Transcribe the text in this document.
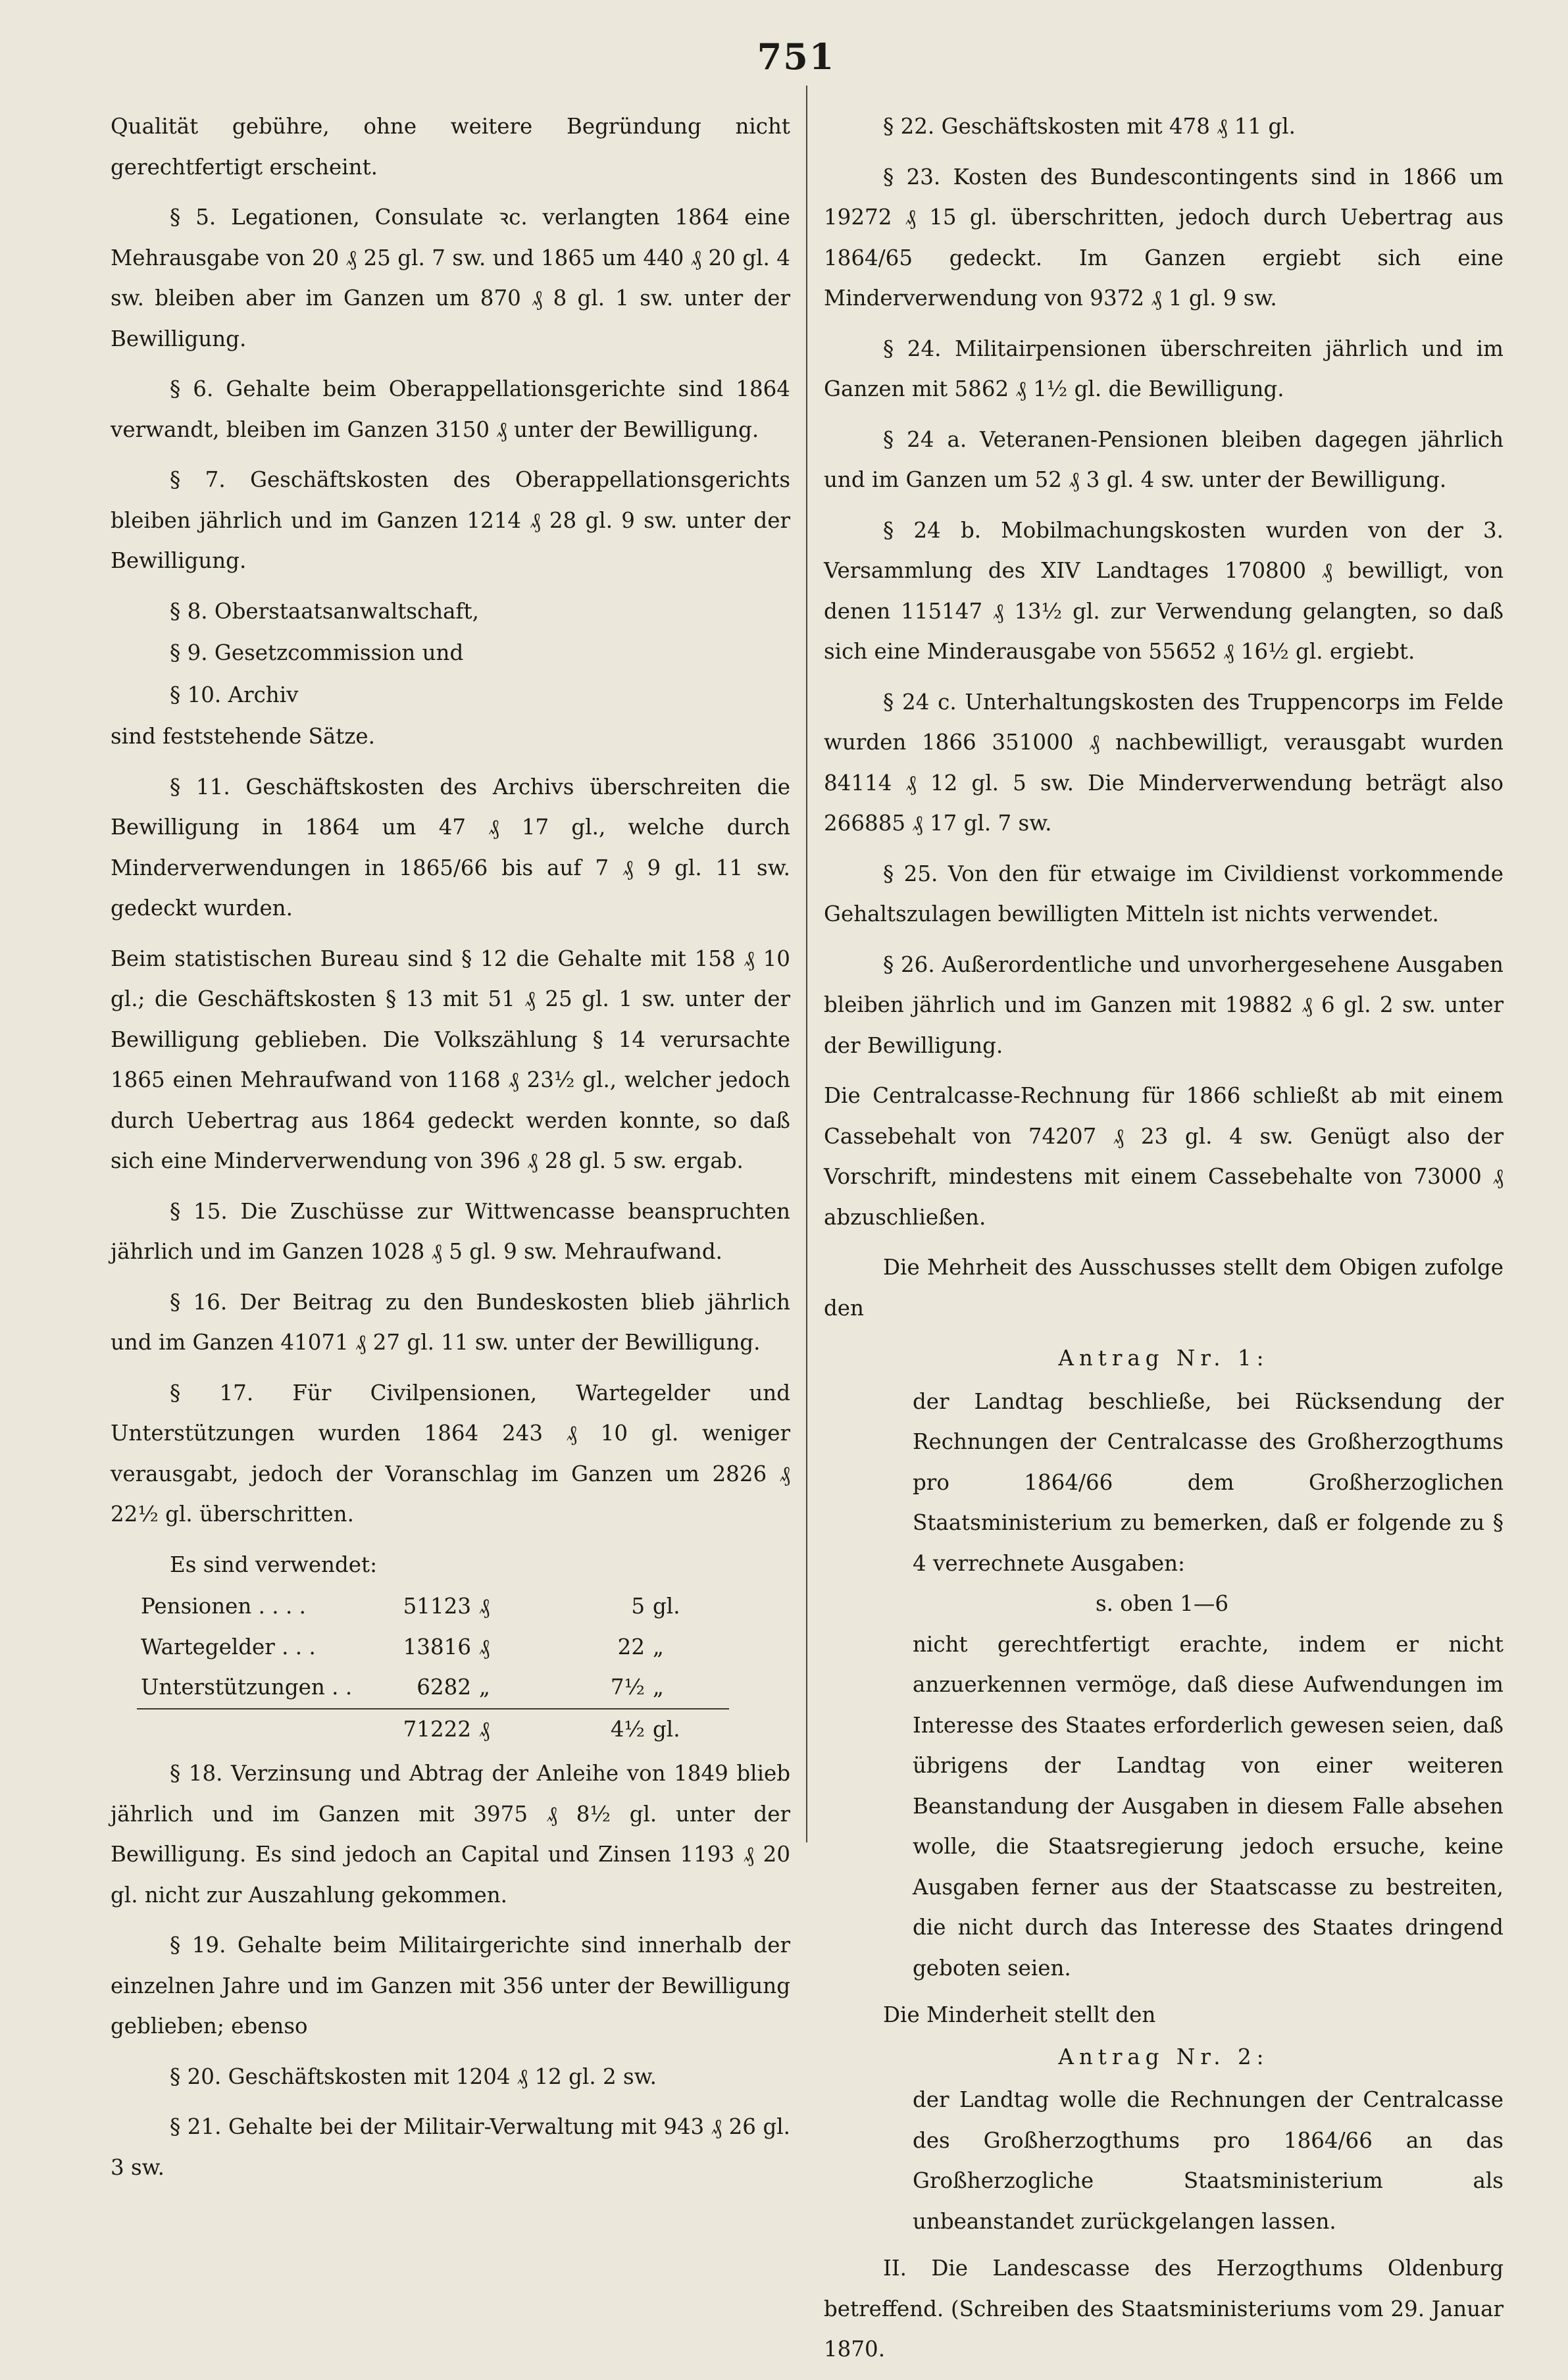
751

Qualität gebühre, ohne weitere Begründung nicht gerechtfertigt erscheint.

§ 5. Legationen, Consulate ꝛc. verlangten 1864 eine Mehrausgabe von 20 ₰ 25 gl. 7 sw. und 1865 um 440 ₰ 20 gl. 4 sw. bleiben aber im Ganzen um 870 ₰ 8 gl. 1 sw. unter der Bewilligung.

§ 6. Gehalte beim Oberappellationsgerichte sind 1864 verwandt, bleiben im Ganzen 3150 ₰ unter der Bewilligung.

§ 7. Geschäftskosten des Oberappellationsgerichts bleiben jährlich und im Ganzen 1214 ₰ 28 gl. 9 sw. unter der Bewilligung.

§ 8. Oberstaatsanwaltschaft,

§ 9. Gesetzcommission und

§ 10. Archiv

sind feststehende Sätze.

§ 11. Geschäftskosten des Archivs überschreiten die Bewilligung in 1864 um 47 ₰ 17 gl., welche durch Minderverwendungen in 1865/66 bis auf 7 ₰ 9 gl. 11 sw. gedeckt wurden.

Beim statistischen Bureau sind § 12 die Gehalte mit 158 ₰ 10 gl.; die Geschäftskosten § 13 mit 51 ₰ 25 gl. 1 sw. unter der Bewilligung geblieben. Die Volkszählung § 14 verursachte 1865 einen Mehraufwand von 1168 ₰ 23½ gl., welcher jedoch durch Uebertrag aus 1864 gedeckt werden konnte, so daß sich eine Minderverwendung von 396 ₰ 28 gl. 5 sw. ergab.

§ 15. Die Zuschüsse zur Wittwencasse beanspruchten jährlich und im Ganzen 1028 ₰ 5 gl. 9 sw. Mehraufwand.

§ 16. Der Beitrag zu den Bundeskosten blieb jährlich und im Ganzen 41071 ₰ 27 gl. 11 sw. unter der Bewilligung.

§ 17. Für Civilpensionen, Wartegelder und Unterstützungen wurden 1864 243 ₰ 10 gl. weniger verausgabt, jedoch der Voranschlag im Ganzen um 2826 ₰ 22½ gl. überschritten.

Es sind verwendet:

Pensionen . . . .	51123	₰	5	gl.
Wartegelder . . .	13816	₰	22	„
Unterstützungen . .	6282	„	7½	„
	71222	₰	4½	gl.

§ 18. Verzinsung und Abtrag der Anleihe von 1849 blieb jährlich und im Ganzen mit 3975 ₰ 8½ gl. unter der Bewilligung. Es sind jedoch an Capital und Zinsen 1193 ₰ 20 gl. nicht zur Auszahlung gekommen.

§ 19. Gehalte beim Militairgerichte sind innerhalb der einzelnen Jahre und im Ganzen mit 356 unter der Bewilligung geblieben; ebenso

§ 20. Geschäftskosten mit 1204 ₰ 12 gl. 2 sw.

§ 21. Gehalte bei der Militair-Verwaltung mit 943 ₰ 26 gl. 3 sw.

§ 22. Geschäftskosten mit 478 ₰ 11 gl.

§ 23. Kosten des Bundescontingents sind in 1866 um 19272 ₰ 15 gl. überschritten, jedoch durch Uebertrag aus 1864/65 gedeckt. Im Ganzen ergiebt sich eine Minderverwendung von 9372 ₰ 1 gl. 9 sw.

§ 24. Militairpensionen überschreiten jährlich und im Ganzen mit 5862 ₰ 1½ gl. die Bewilligung.

§ 24 a. Veteranen-Pensionen bleiben dagegen jährlich und im Ganzen um 52 ₰ 3 gl. 4 sw. unter der Bewilligung.

§ 24 b. Mobilmachungskosten wurden von der 3. Versammlung des XIV Landtages 170800 ₰ bewilligt, von denen 115147 ₰ 13½ gl. zur Verwendung gelangten, so daß sich eine Minderausgabe von 55652 ₰ 16½ gl. ergiebt.

§ 24 c. Unterhaltungskosten des Truppencorps im Felde wurden 1866 351000 ₰ nachbewilligt, verausgabt wurden 84114 ₰ 12 gl. 5 sw. Die Minderverwendung beträgt also 266885 ₰ 17 gl. 7 sw.

§ 25. Von den für etwaige im Civildienst vorkommende Gehaltszulagen bewilligten Mitteln ist nichts verwendet.

§ 26. Außerordentliche und unvorhergesehene Ausgaben bleiben jährlich und im Ganzen mit 19882 ₰ 6 gl. 2 sw. unter der Bewilligung.

Die Centralcasse-Rechnung für 1866 schließt ab mit einem Cassebehalt von 74207 ₰ 23 gl. 4 sw. Genügt also der Vorschrift, mindestens mit einem Cassebehalte von 73000 ₰ abzuschließen.

Die Mehrheit des Ausschusses stellt dem Obigen zufolge den

Antrag Nr. 1:

der Landtag beschließe, bei Rücksendung der Rechnungen der Centralcasse des Großherzogthums pro 1864/66 dem Großherzoglichen Staatsministerium zu bemerken, daß er folgende zu § 4 verrechnete Ausgaben:
s. oben 1—6
nicht gerechtfertigt erachte, indem er nicht anzuerkennen vermöge, daß diese Aufwendungen im Interesse des Staates erforderlich gewesen seien, daß übrigens der Landtag von einer weiteren Beanstandung der Ausgaben in diesem Falle absehen wolle, die Staatsregierung jedoch ersuche, keine Ausgaben ferner aus der Staatscasse zu bestreiten, die nicht durch das Interesse des Staates dringend geboten seien.

Die Minderheit stellt den

Antrag Nr. 2:

der Landtag wolle die Rechnungen der Centralcasse des Großherzogthums pro 1864/66 an das Großherzogliche Staatsministerium als unbeanstandet zurückgelangen lassen.

II. Die Landescasse des Herzogthums Oldenburg betreffend. (Schreiben des Staatsministeriums vom 29. Januar 1870.
